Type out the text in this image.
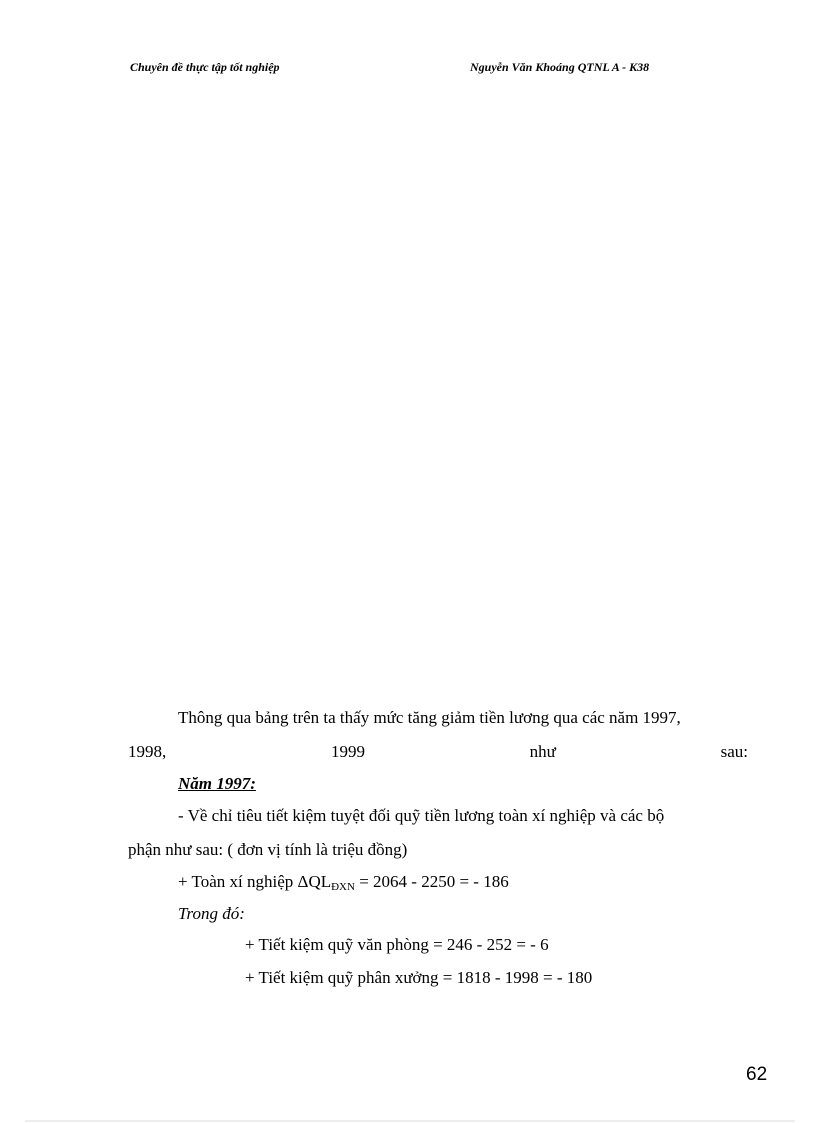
Chuyên đề thực tập tốt nghiệp	Nguyễn Văn Khoáng QTNL A - K38
Thông qua bảng trên ta thấy mức tăng giảm tiền lương qua các năm 1997,
1998,	1999	như	sau:
Năm 1997:
- Về chỉ tiêu tiết kiệm tuyệt đối quỹ tiền lương toàn xí nghiệp và các bộ
phận như sau: ( đơn vị tính là triệu đồng)
+ Toàn xí nghiệp $\Delta QL_{ĐXN} = 2064 - 2250$ = - 186
Trong đó:
+ Tiết kiệm quỹ văn phòng = 246 - 252 = - 6
+ Tiết kiệm quỹ phân xưởng = 1818 - 1998 = - 180
62
